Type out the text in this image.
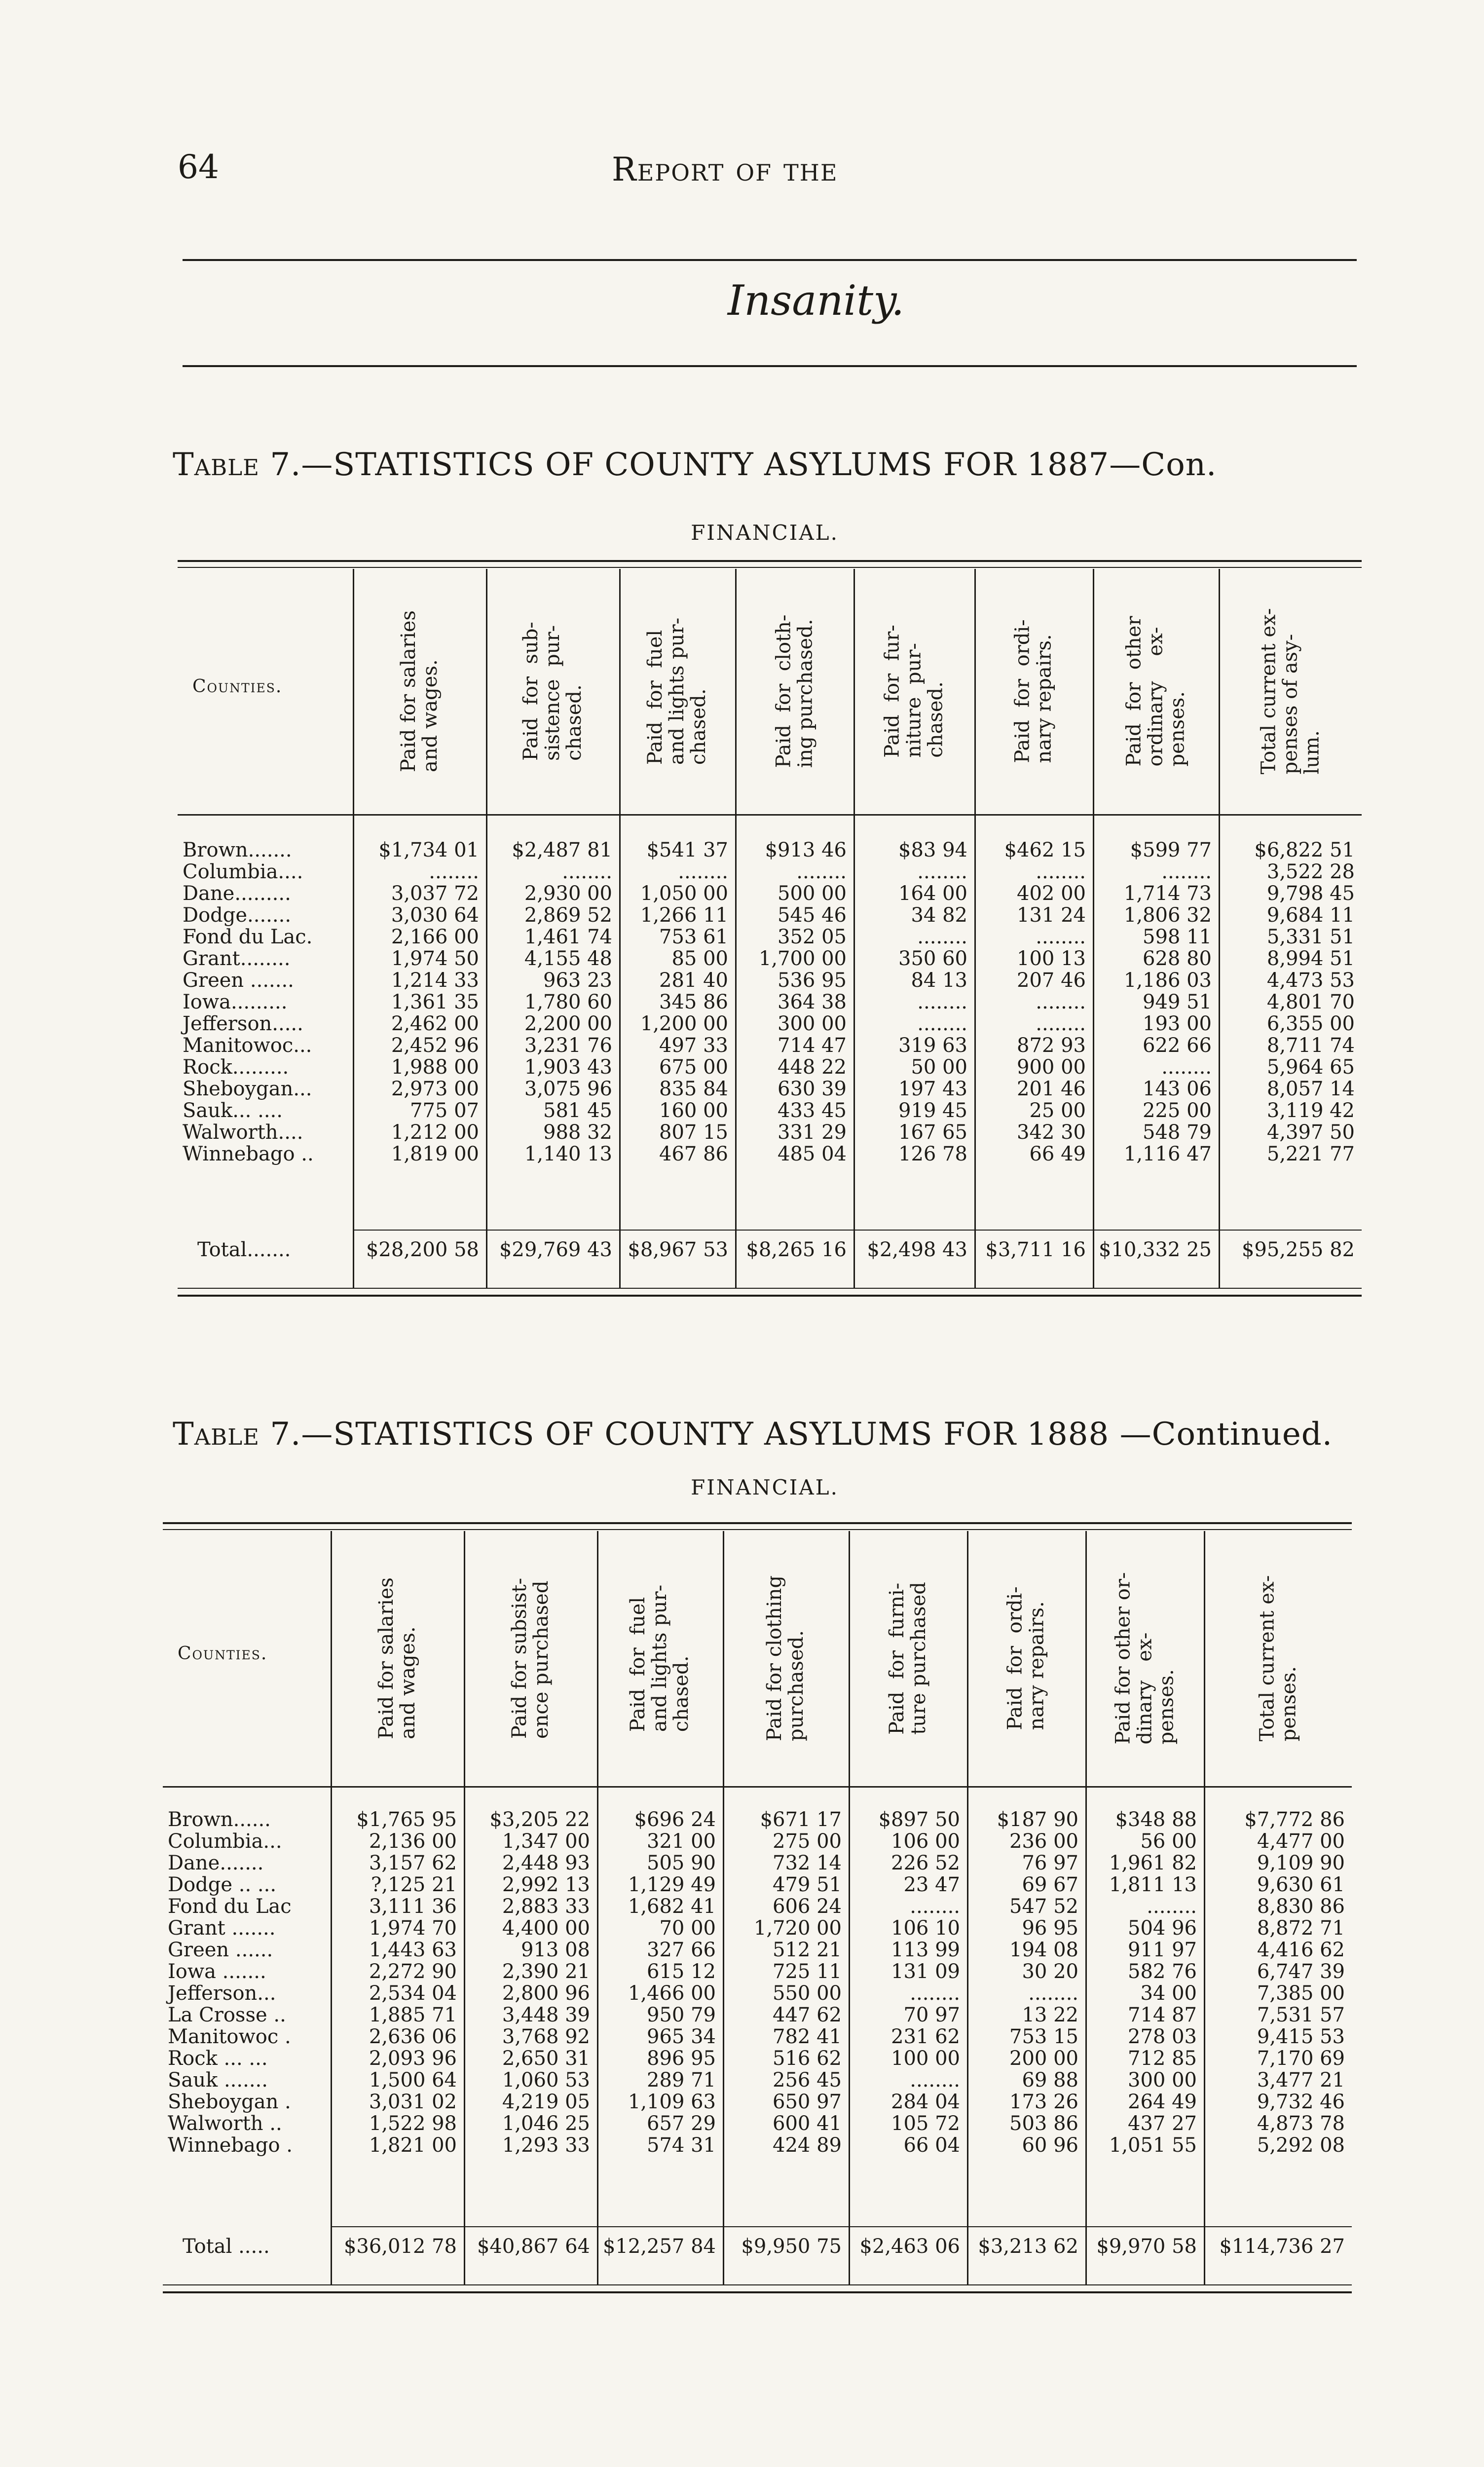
64	Report of the
Insanity.
Table 7.—STATISTICS OF COUNTY ASYLUMS FOR 1887—Con.
FINANCIAL.
Table 7.—STATISTICS OF COUNTY ASYLUMS FOR 1888 —Continued.
FINANCIAL.
Counties.
Paid for salaries
and wages.
Paid  for  sub-
sistence  pur-
chased.	Paid  for  fuel
and lights pur-
chased.	Paid  for  cloth-
ing purchased.
Paid  for  fur-
niture  pur-
chased.	Paid  for  ordi-
nary repairs.
Paid  for  other
ordinary    ex-
penses.	Total current ex-
penses of asy-
lum.
Brown.......	$1,734 01	$2,487 81	$541 37	$913 46	$83 94	$462 15	$599 77	$6,822 51
Columbia....	........	........	........	........	........	........	........	3,522 28
Dane.........	3,037 72	2,930 00	1,050 00	500 00	164 00	402 00	1,714 73	9,798 45
Dodge.......	3,030 64	2,869 52	1,266 11	545 46	34 82	131 24	1,806 32	9,684 11
Fond du Lac.	2,166 00	1,461 74	753 61	352 05	........	........	598 11	5,331 51
Grant........	1,974 50	4,155 48	85 00	1,700 00	350 60	100 13	628 80	8,994 51
Green .......	1,214 33	963 23	281 40	536 95	84 13	207 46	1,186 03	4,473 53
Iowa.........	1,361 35	1,780 60	345 86	364 38	........	........	949 51	4,801 70
Jefferson.....	2,462 00	2,200 00	1,200 00	300 00	........	........	193 00	6,355 00
Manitowoc...	2,452 96	3,231 76	497 33	714 47	319 63	872 93	622 66	8,711 74
Rock.........	1,988 00	1,903 43	675 00	448 22	50 00	900 00	........	5,964 65
Sheboygan...	2,973 00	3,075 96	835 84	630 39	197 43	201 46	143 06	8,057 14
Sauk... ....	775 07	581 45	160 00	433 45	919 45	25 00	225 00	3,119 42
Walworth....	1,212 00	988 32	807 15	331 29	167 65	342 30	548 79	4,397 50
Winnebago ..	1,819 00	1,140 13	467 86	485 04	126 78	66 49	1,116 47	5,221 77
Total.......	$28,200 58	$29,769 43 $8,967 53 $8,265 16	$2,498 43 $3,711 16 $10,332 25	$95,255 82
Counties.
Paid for salaries
and wages.
Paid for subsist-
ence purchased
Paid  for  fuel
and lights pur-
chased.	Paid for clothing
purchased.	Paid  for  furni-
ture purchased
Paid  for  ordi-
nary repairs.
Paid for other or-
dinary   ex-
penses.	Total current ex-
penses.
Brown......	$1,765 95	$3,205 22	$696 24	$671 17	$897 50	$187 90	$348 88	$7,772 86
Columbia...	2,136 00	1,347 00	321 00	275 00	106 00	236 00	56 00	4,477 00
Dane.......	3,157 62	2,448 93	505 90	732 14	226 52	76 97	1,961 82	9,109 90
Dodge .. ...	?,125 21	2,992 13	1,129 49	479 51	23 47	69 67	1,811 13	9,630 61
Fond du Lac	3,111 36	2,883 33	1,682 41	606 24	........	547 52	........	8,830 86
Grant .......	1,974 70	4,400 00	70 00	1,720 00	106 10	96 95	504 96	8,872 71
Green ......	1,443 63	913 08	327 66	512 21	113 99	194 08	911 97	4,416 62
Iowa .......	2,272 90	2,390 21	615 12	725 11	131 09	30 20	582 76	6,747 39
Jefferson...	2,534 04	2,800 96	1,466 00	550 00	........	........	34 00	7,385 00
La Crosse ..	1,885 71	3,448 39	950 79	447 62	70 97	13 22	714 87	7,531 57
Manitowoc .	2,636 06	3,768 92	965 34	782 41	231 62	753 15	278 03	9,415 53
Rock ... ...	2,093 96	2,650 31	896 95	516 62	100 00	200 00	712 85	7,170 69
Sauk .......	1,500 64	1,060 53	289 71	256 45	........	69 88	300 00	3,477 21
Sheboygan .	3,031 02	4,219 05	1,109 63	650 97	284 04	173 26	264 49	9,732 46
Walworth ..	1,522 98	1,046 25	657 29	600 41	105 72	503 86	437 27	4,873 78
Winnebago .	1,821 00	1,293 33	574 31	424 89	66 04	60 96	1,051 55	5,292 08
Total .....	$36,012 78	$40,867 64 $12,257 84	$9,950 75 $2,463 06 $3,213 62 $9,970 58	$114,736 27
